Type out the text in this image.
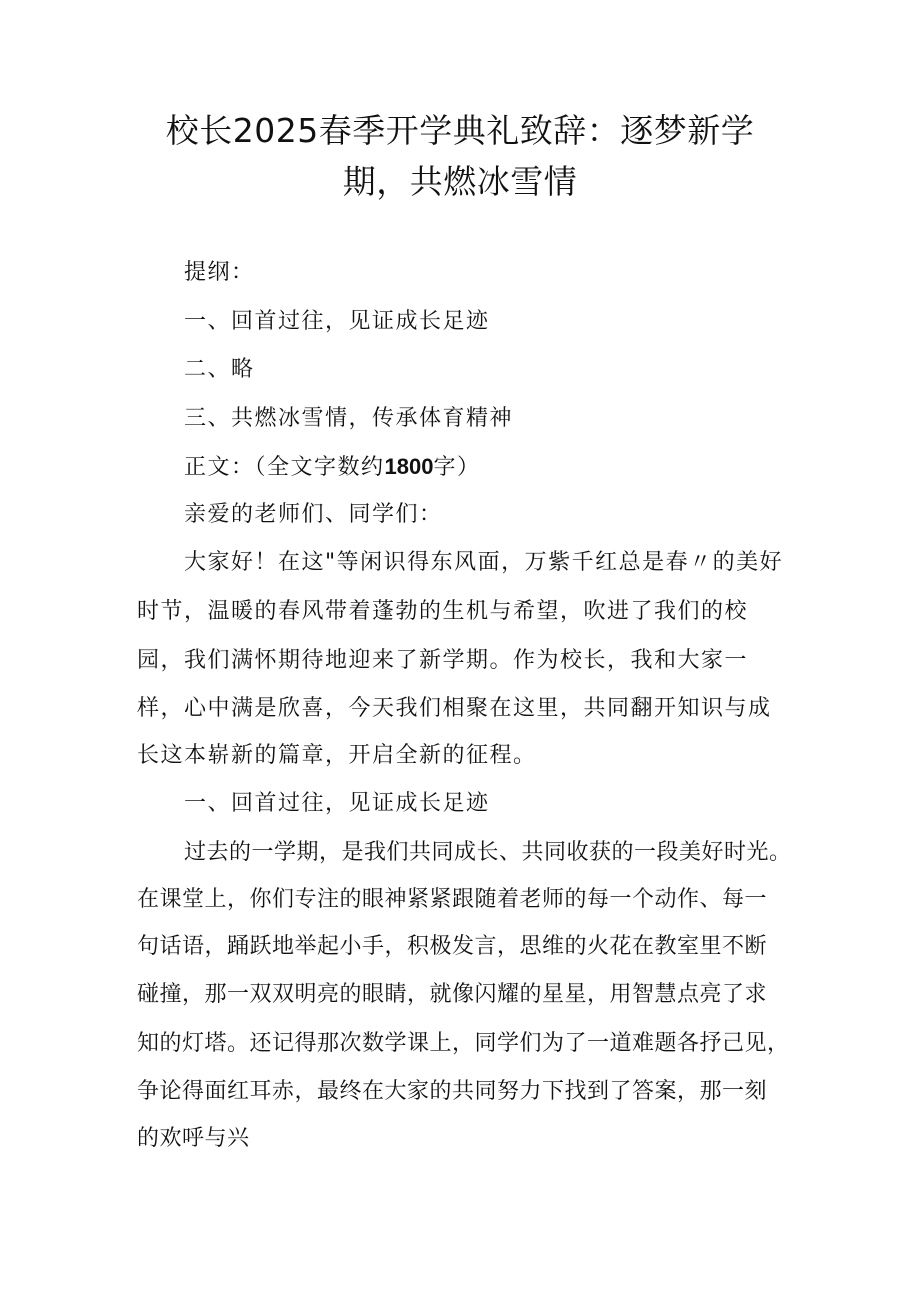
校长2025春季开学典礼致辞：逐梦新学
期，共燃冰雪情
提纲：
一、回首过往，见证成长足迹
二、略
三、共燃冰雪情，传承体育精神
正文：（全文字数约1800字）
亲爱的老师们、同学们：
大家好！在这"等闲识得东风面，万紫千红总是春〃的美好
时节，温暖的春风带着蓬勃的生机与希望，吹进了我们的校
园，我们满怀期待地迎来了新学期。作为校长，我和大家一
样，心中满是欣喜，今天我们相聚在这里，共同翻开知识与成
长这本崭新的篇章，开启全新的征程。
一、回首过往，见证成长足迹
过去的一学期，是我们共同成长、共同收获的一段美好时光。
在课堂上，你们专注的眼神紧紧跟随着老师的每一个动作、每一
句话语，踊跃地举起小手，积极发言，思维的火花在教室里不断
碰撞，那一双双明亮的眼睛，就像闪耀的星星，用智慧点亮了求
知的灯塔。还记得那次数学课上，同学们为了一道难题各抒己见，
争论得面红耳赤，最终在大家的共同努力下找到了答案，那一刻
的欢呼与兴
